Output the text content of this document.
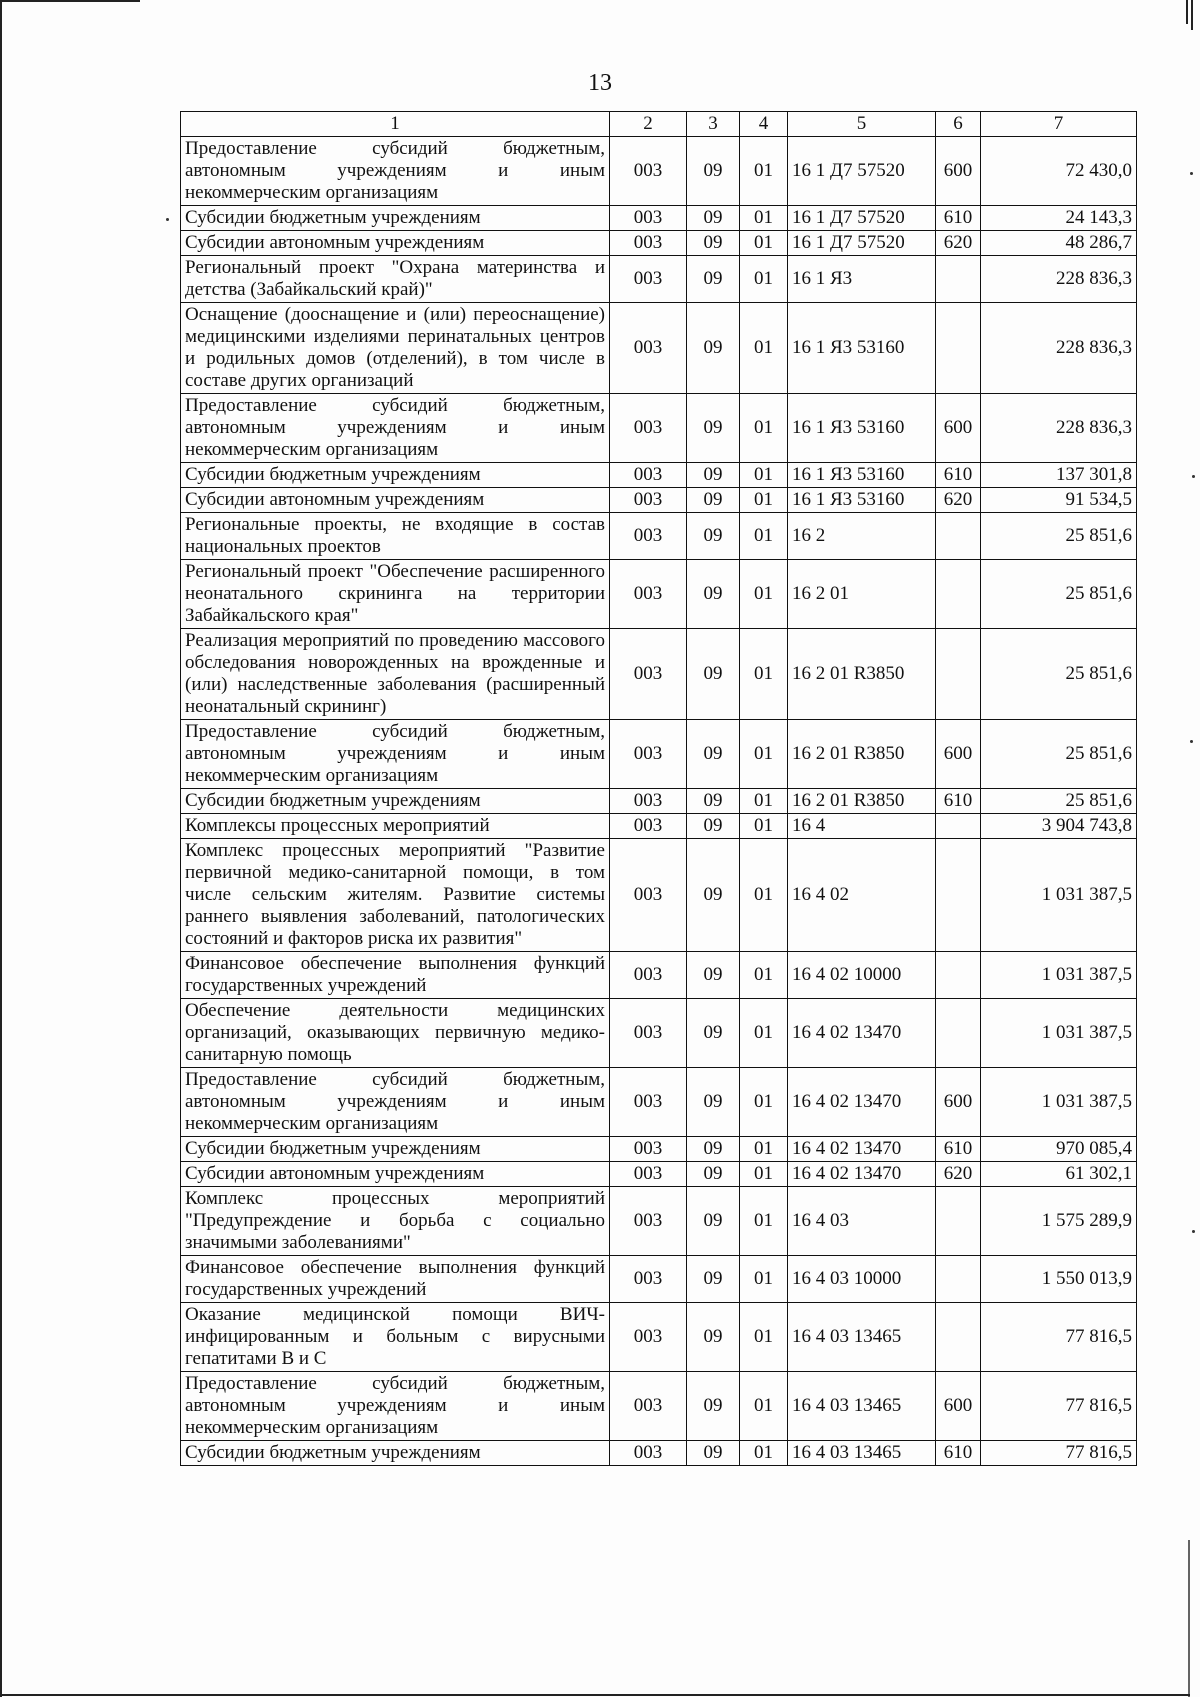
13
1	2	3	4	5	6	7
Предоставление субсидий бюджетным, автономным учреждениям и иным некоммерческим организациям	003	09	01	16 1 Д7 57520	600	72 430,0
Субсидии бюджетным учреждениям	003	09	01	16 1 Д7 57520	610	24 143,3
Субсидии автономным учреждениям	003	09	01	16 1 Д7 57520	620	48 286,7
Региональный проект "Охрана материнства и детства (Забайкальский край)"	003	09	01	16 1 Я3		228 836,3
Оснащение (дооснащение и (или) переоснащение) медицинскими изделиями перинатальных центров и родильных домов (отделений), в том числе в составе других организаций	003	09	01	16 1 Я3 53160		228 836,3
Предоставление субсидий бюджетным, автономным учреждениям и иным некоммерческим организациям	003	09	01	16 1 Я3 53160	600	228 836,3
Субсидии бюджетным учреждениям	003	09	01	16 1 Я3 53160	610	137 301,8
Субсидии автономным учреждениям	003	09	01	16 1 Я3 53160	620	91 534,5
Региональные проекты, не входящие в состав национальных проектов	003	09	01	16 2		25 851,6
Региональный проект "Обеспечение расширенного неонатального скрининга на территории Забайкальского края"	003	09	01	16 2 01		25 851,6
Реализация мероприятий по проведению массового обследования новорожденных на врожденные и (или) наследственные заболевания (расширенный неонатальный скрининг)	003	09	01	16 2 01 R3850		25 851,6
Предоставление субсидий бюджетным, автономным учреждениям и иным некоммерческим организациям	003	09	01	16 2 01 R3850	600	25 851,6
Субсидии бюджетным учреждениям	003	09	01	16 2 01 R3850	610	25 851,6
Комплексы процессных мероприятий	003	09	01	16 4		3 904 743,8
Комплекс процессных мероприятий "Развитие первичной медико-санитарной помощи, в том числе сельским жителям. Развитие системы раннего выявления заболеваний, патологических состояний и факторов риска их развития"	003	09	01	16 4 02		1 031 387,5
Финансовое обеспечение выполнения функций государственных учреждений	003	09	01	16 4 02 10000		1 031 387,5
Обеспечение деятельности медицинских организаций, оказывающих первичную медико-санитарную помощь	003	09	01	16 4 02 13470		1 031 387,5
Предоставление субсидий бюджетным, автономным учреждениям и иным некоммерческим организациям	003	09	01	16 4 02 13470	600	1 031 387,5
Субсидии бюджетным учреждениям	003	09	01	16 4 02 13470	610	970 085,4
Субсидии автономным учреждениям	003	09	01	16 4 02 13470	620	61 302,1
Комплекс процессных мероприятий "Предупреждение и борьба с социально значимыми заболеваниями"	003	09	01	16 4 03		1 575 289,9
Финансовое обеспечение выполнения функций государственных учреждений	003	09	01	16 4 03 10000		1 550 013,9
Оказание медицинской помощи ВИЧ-инфицированным и больным с вирусными гепатитами В и С	003	09	01	16 4 03 13465		77 816,5
Предоставление субсидий бюджетным, автономным учреждениям и иным некоммерческим организациям	003	09	01	16 4 03 13465	600	77 816,5
Субсидии бюджетным учреждениям	003	09	01	16 4 03 13465	610	77 816,5
